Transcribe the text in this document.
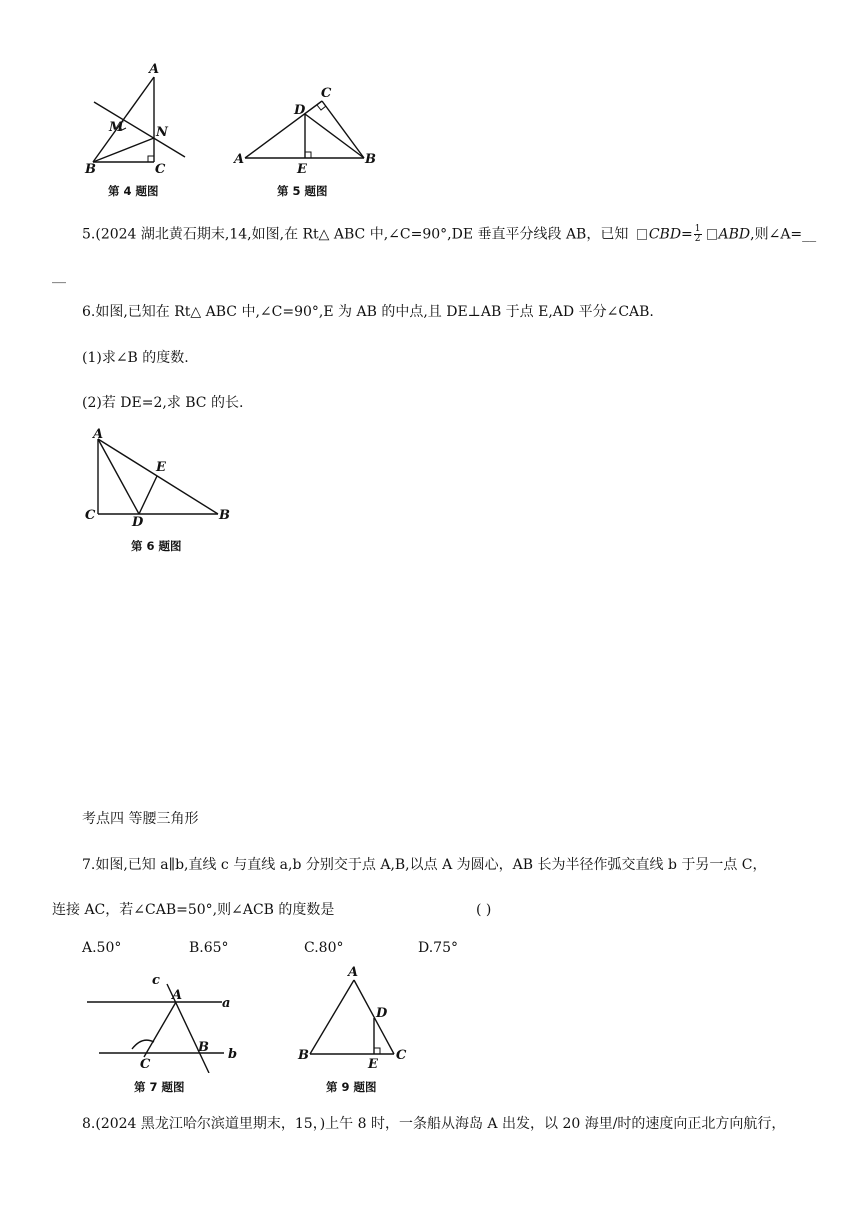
A
M	N
B	C
第 4 题图
C
D
A	B
E
第 5 题图
5.(2024 湖北黄石期末,14,如图,在 Rt△ ABC 中,∠C=90°,DE 垂直平分线段 AB，已知 $CBD= \frac{1}{2}$ ABD,则∠A=__
__
6.如图,已知在 Rt△ ABC 中,∠C=90°,E 为 AB 的中点,且 DE⊥AB 于点 E,AD 平分∠CAB.
(1)求∠B 的度数.
(2)若 DE=2,求 BC 的长.
A
E
C	D	B
第 6 题图
考点四 等腰三角形
7.如图,已知 a∥b,直线 c 与直线 a,b 分别交于点 A,B,以点 A 为圆心，AB 长为半径作弧交直线 b 于另一点 C，
连接 AC，若∠CAB=50°,则∠ACB 的度数是	( )
A.50°	B.65°	C.80°	D.75°
c
A
a
B b
C
第 7 题图
A
D
B	C
E
第 9 题图
8.(2024 黑龙江哈尔滨道里期末，15，)上午 8 时，一条船从海岛 A 出发，以 20 海里/时的速度向正北方向航行，
